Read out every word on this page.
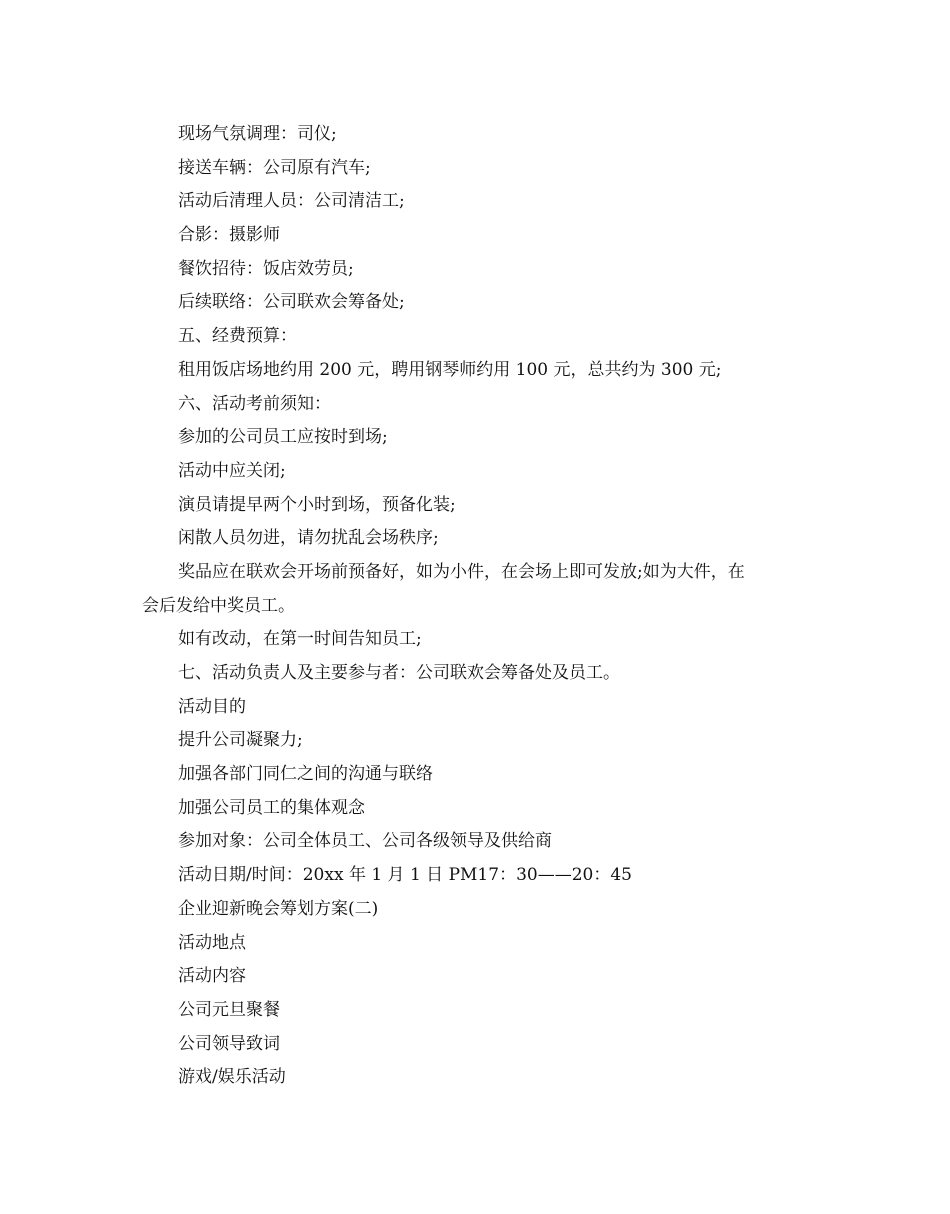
现场气氛调理：司仪;
接送车辆：公司原有汽车;
活动后清理人员：公司清洁工;
合影：摄影师
餐饮招待：饭店效劳员;
后续联络：公司联欢会筹备处;
五、经费预算：
租用饭店场地约用 200 元，聘用钢琴师约用 100 元，总共约为 300 元;
六、活动考前须知：
参加的公司员工应按时到场;
活动中应关闭;
演员请提早两个小时到场，预备化装;
闲散人员勿进，请勿扰乱会场秩序;
奖品应在联欢会开场前预备好，如为小件，在会场上即可发放;如为大件，在
会后发给中奖员工。
如有改动，在第一时间告知员工;
七、活动负责人及主要参与者：公司联欢会筹备处及员工。
活动目的
提升公司凝聚力;
加强各部门同仁之间的沟通与联络
加强公司员工的集体观念
参加对象：公司全体员工、公司各级领导及供给商
活动日期/时间：20xx 年 1 月 1 日 PM17：30——20：45
企业迎新晚会筹划方案(二)
活动地点
活动内容
公司元旦聚餐
公司领导致词
游戏/娱乐活动
